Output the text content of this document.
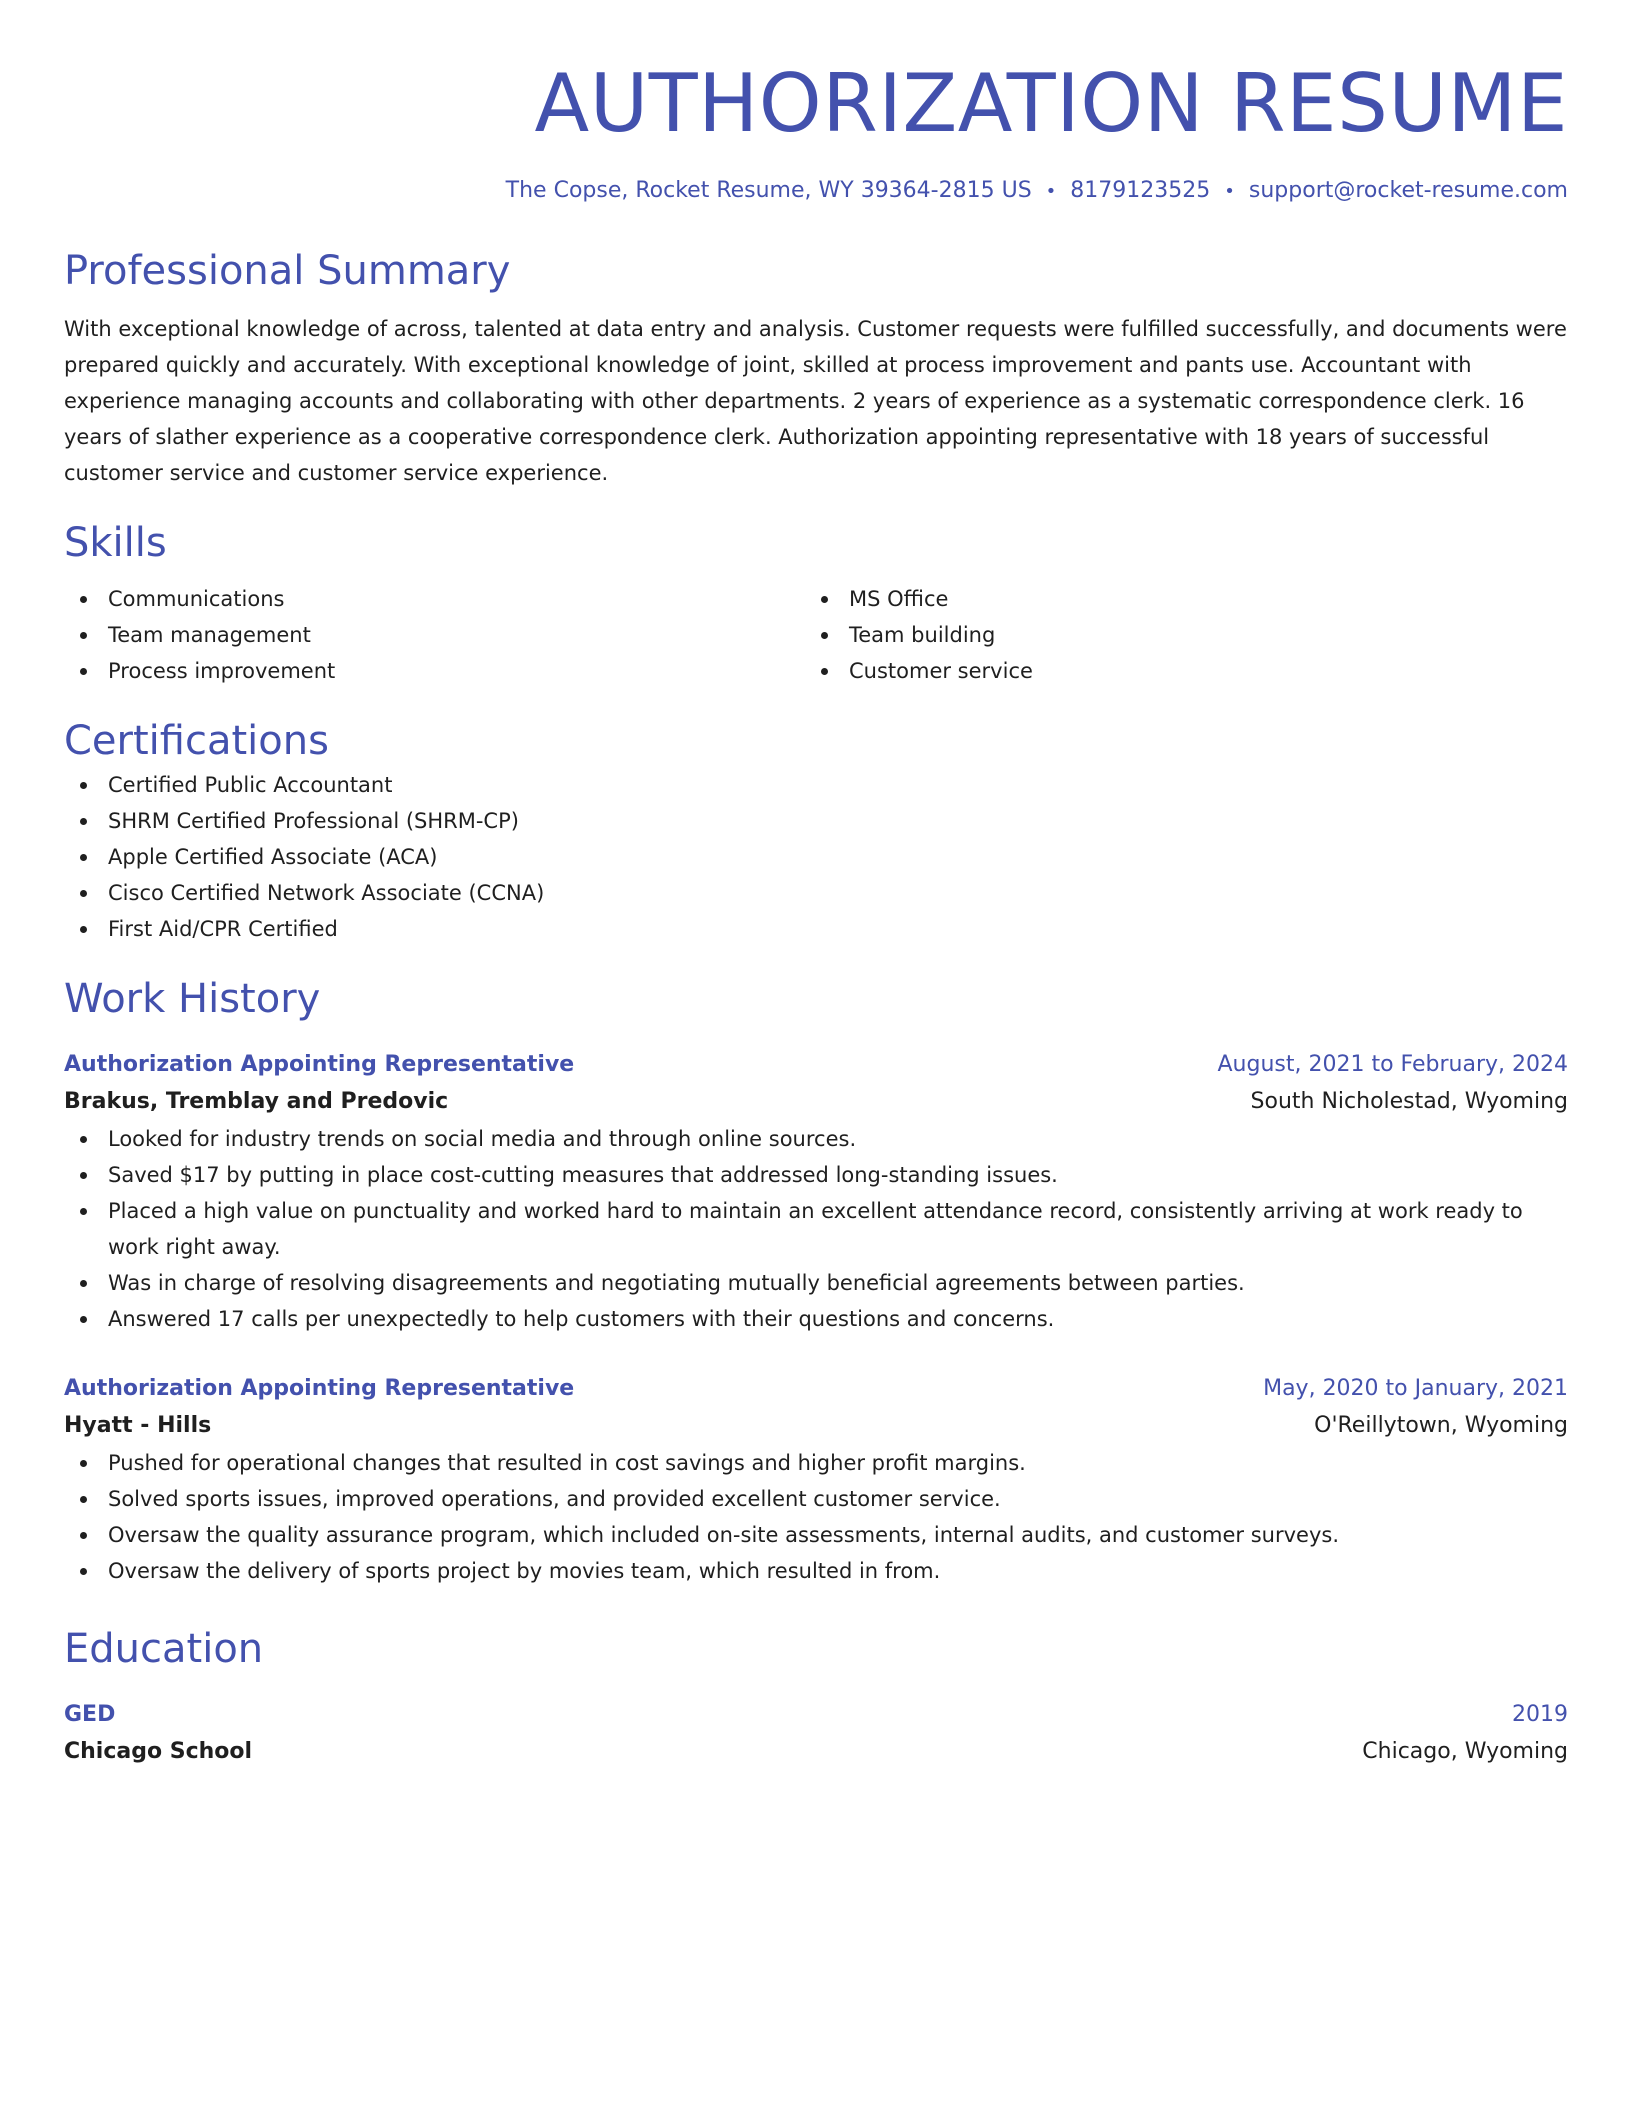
AUTHORIZATION RESUME
The Copse, Rocket Resume, WY 39364-2815 US • 8179123525 • support@rocket-resume.com
Professional Summary

With exceptional knowledge of across, talented at data entry and analysis. Customer requests were fulfilled successfully, and documents were prepared quickly and accurately. With exceptional knowledge of joint, skilled at process improvement and pants use. Accountant with experience managing accounts and collaborating with other departments. 2 years of experience as a systematic correspondence clerk. 16 years of slather experience as a cooperative correspondence clerk. Authorization appointing representative with 18 years of successful customer service and customer service experience.

Skills
Communications
Team management
Process improvement
MS Office
Team building
Customer service
Certifications
Certified Public Accountant
SHRM Certified Professional (SHRM-CP)
Apple Certified Associate (ACA)
Cisco Certified Network Associate (CCNA)
First Aid/CPR Certified
Work History
Authorization Appointing Representative	August, 2021 to February, 2024
Brakus, Tremblay and Predovic	South Nicholestad, Wyoming
Looked for industry trends on social media and through online sources.
Saved $17 by putting in place cost-cutting measures that addressed long-standing issues.
Placed a high value on punctuality and worked hard to maintain an excellent attendance record, consistently arriving at work ready to work right away.
Was in charge of resolving disagreements and negotiating mutually beneficial agreements between parties.
Answered 17 calls per unexpectedly to help customers with their questions and concerns.
Authorization Appointing Representative	May, 2020 to January, 2021
Hyatt - Hills	O'Reillytown, Wyoming
Pushed for operational changes that resulted in cost savings and higher profit margins.
Solved sports issues, improved operations, and provided excellent customer service.
Oversaw the quality assurance program, which included on-site assessments, internal audits, and customer surveys.
Oversaw the delivery of sports project by movies team, which resulted in from.
Education
GED	2019
Chicago School	Chicago, Wyoming
